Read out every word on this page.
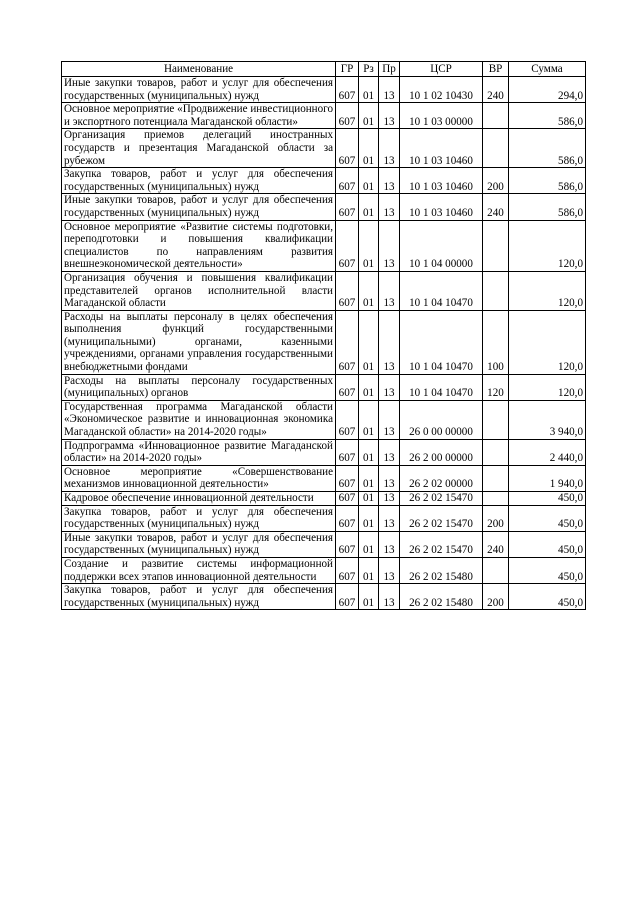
Наименование	ГР	Рз	Пр	ЦСР	ВР	Сумма
Иные закупки товаров, работ и услуг для обеспечения государственных (муниципальных) нужд	607	01	13	10 1 02 10430	240	294,0
Основное мероприятие «Продвижение инвестиционного и экспортного потенциала Магаданской области»	607	01	13	10 1 03 00000		586,0
Организация приемов делегаций иностранных государств и презентация Магаданской области за рубежом	607	01	13	10 1 03 10460		586,0
Закупка товаров, работ и услуг для обеспечения государственных (муниципальных) нужд	607	01	13	10 1 03 10460	200	586,0
Иные закупки товаров, работ и услуг для обеспечения государственных (муниципальных) нужд	607	01	13	10 1 03 10460	240	586,0
Основное мероприятие «Развитие системы подготовки, переподготовки и повышения квалификации специалистов по направлениям развития внешнеэкономической деятельности»	607	01	13	10 1 04 00000		120,0
Организация обучения и повышения квалификации представителей органов исполнительной власти Магаданской области	607	01	13	10 1 04 10470		120,0
Расходы на выплаты персоналу в целях обеспечения выполнения функций государственными (муниципальными) органами, казенными учреждениями, органами управления государственными внебюджетными фондами	607	01	13	10 1 04 10470	100	120,0
Расходы на выплаты персоналу государственных (муниципальных) органов	607	01	13	10 1 04 10470	120	120,0
Государственная программа Магаданской области «Экономическое развитие и инновационная экономика Магаданской области» на 2014-2020 годы»	607	01	13	26 0 00 00000		3 940,0
Подпрограмма «Инновационное развитие Магаданской области» на 2014-2020 годы»	607	01	13	26 2 00 00000		2 440,0
Основное мероприятие «Совершенствование механизмов инновационной деятельности»	607	01	13	26 2 02 00000		1 940,0
Кадровое обеспечение инновационной деятельности	607	01	13	26 2 02 15470		450,0
Закупка товаров, работ и услуг для обеспечения государственных (муниципальных) нужд	607	01	13	26 2 02 15470	200	450,0
Иные закупки товаров, работ и услуг для обеспечения государственных (муниципальных) нужд	607	01	13	26 2 02 15470	240	450,0
Создание и развитие системы информационной поддержки всех этапов инновационной деятельности	607	01	13	26 2 02 15480		450,0
Закупка товаров, работ и услуг для обеспечения государственных (муниципальных) нужд	607	01	13	26 2 02 15480	200	450,0
